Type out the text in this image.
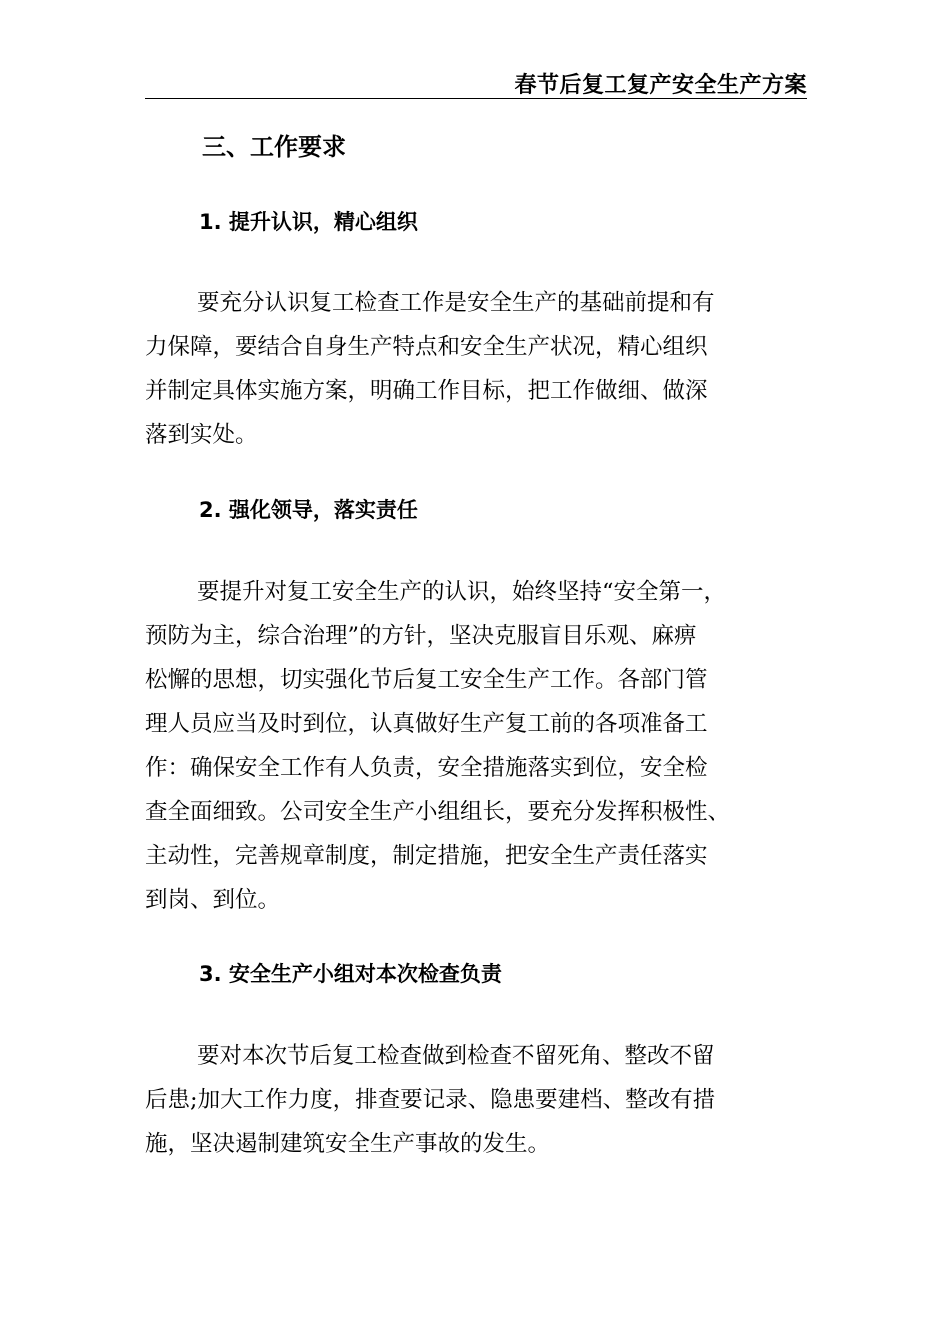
春节后复工复产安全生产方案
三、工作要求
1. 提升认识，精心组织
要充分认识复工检查工作是安全生产的基础前提和有
力保障，要结合自身生产特点和安全生产状况，精心组织
并制定具体实施方案，明确工作目标，把工作做细、做深
落到实处。
2. 强化领导，落实责任
要提升对复工安全生产的认识，始终坚持“安全第一，
预防为主，综合治理”的方针，坚决克服盲目乐观、麻痹
松懈的思想，切实强化节后复工安全生产工作。各部门管
理人员应当及时到位，认真做好生产复工前的各项准备工
作：确保安全工作有人负责，安全措施落实到位，安全检
查全面细致。公司安全生产小组组长，要充分发挥积极性、
主动性，完善规章制度，制定措施，把安全生产责任落实
到岗、到位。
3. 安全生产小组对本次检查负责
要对本次节后复工检查做到检查不留死角、整改不留
后患;加大工作力度，排查要记录、隐患要建档、整改有措
施，坚决遏制建筑安全生产事故的发生。
